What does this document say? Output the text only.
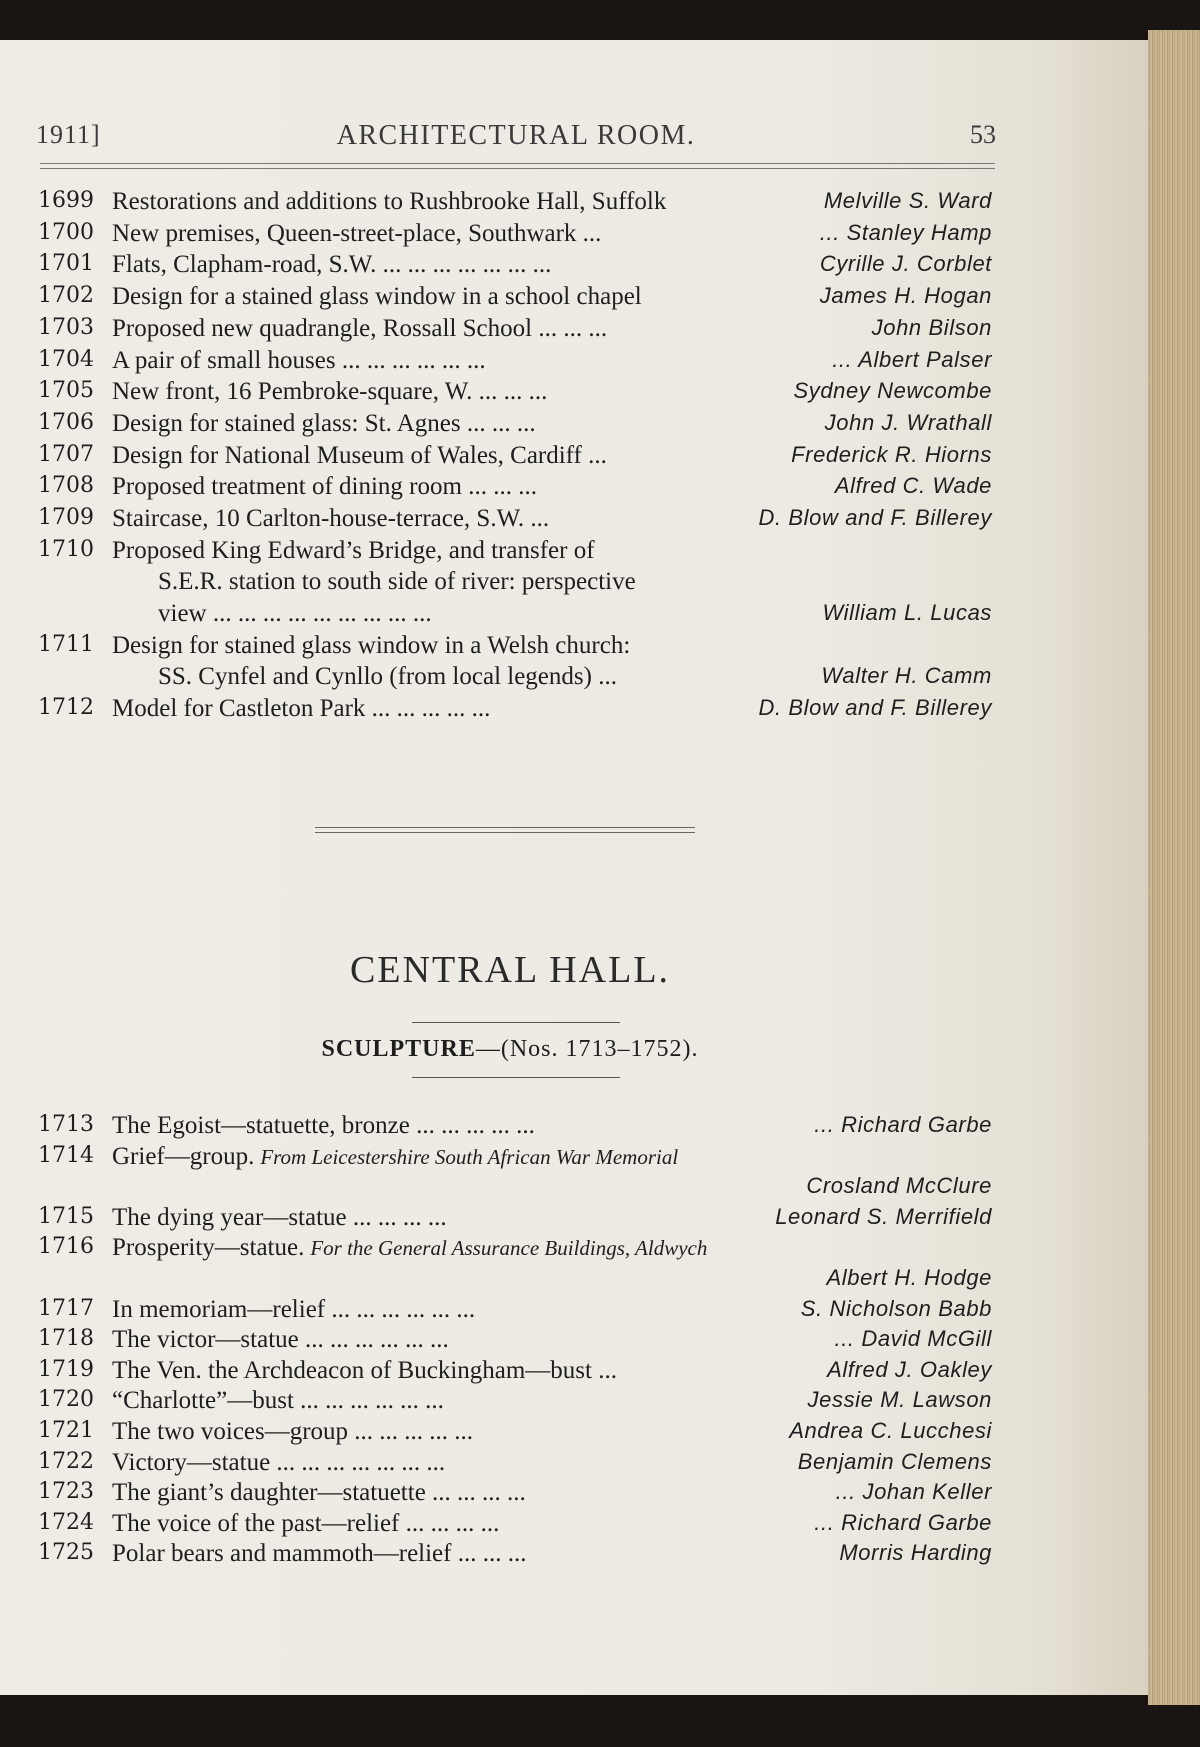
1911]	ARCHITECTURAL ROOM.	53
1699 Restorations and additions to Rushbrooke Hall, Suffolk	Melville S. Ward
1700 New premises, Queen-street-place, Southwark ...	... Stanley Hamp
1701 Flats, Clapham-road, S.W. ... ... ... ... ... ... ...	Cyrille J. Corblet
1702 Design for a stained glass window in a school chapel	James H. Hogan
1703 Proposed new quadrangle, Rossall School ... ... ...	John Bilson
1704 A pair of small houses ... ... ... ... ... ...	... Albert Palser
1705 New front, 16 Pembroke-square, W. ... ... ...	Sydney Newcombe
1706 Design for stained glass: St. Agnes ... ... ...	John J. Wrathall
1707 Design for National Museum of Wales, Cardiff ...	Frederick R. Hiorns
1708 Proposed treatment of dining room ... ... ...	Alfred C. Wade
1709 Staircase, 10 Carlton-house-terrace, S.W. ...	D. Blow and F. Billerey
1710 Proposed King Edward’s Bridge, and transfer of
S.E.R. station to south side of river: perspective
view ... ... ... ... ... ... ... ... ...	William L. Lucas
1711 Design for stained glass window in a Welsh church:
SS. Cynfel and Cynllo (from local legends) ...	Walter H. Camm
1712 Model for Castleton Park ... ... ... ... ...	D. Blow and F. Billerey
CENTRAL HALL.
SCULPTURE—(Nos. 1713–1752).
1713 The Egoist—statuette, bronze ... ... ... ... ...	... Richard Garbe
1714 Grief—group. From Leicestershire South African War Memorial
Crosland McClure
1715 The dying year—statue ... ... ... ...	Leonard S. Merrifield
1716 Prosperity—statue. For the General Assurance Buildings, Aldwych
Albert H. Hodge
1717 In memoriam—relief ... ... ... ... ... ...	S. Nicholson Babb
1718 The victor—statue ... ... ... ... ... ...	... David McGill
1719 The Ven. the Archdeacon of Buckingham—bust ...	Alfred J. Oakley
1720 “Charlotte”—bust ... ... ... ... ... ...	Jessie M. Lawson
1721 The two voices—group ... ... ... ... ...	Andrea C. Lucchesi
1722 Victory—statue ... ... ... ... ... ... ...	Benjamin Clemens
1723 The giant’s daughter—statuette ... ... ... ...	... Johan Keller
1724 The voice of the past—relief ... ... ... ...	... Richard Garbe
1725 Polar bears and mammoth—relief ... ... ...	Morris Harding
